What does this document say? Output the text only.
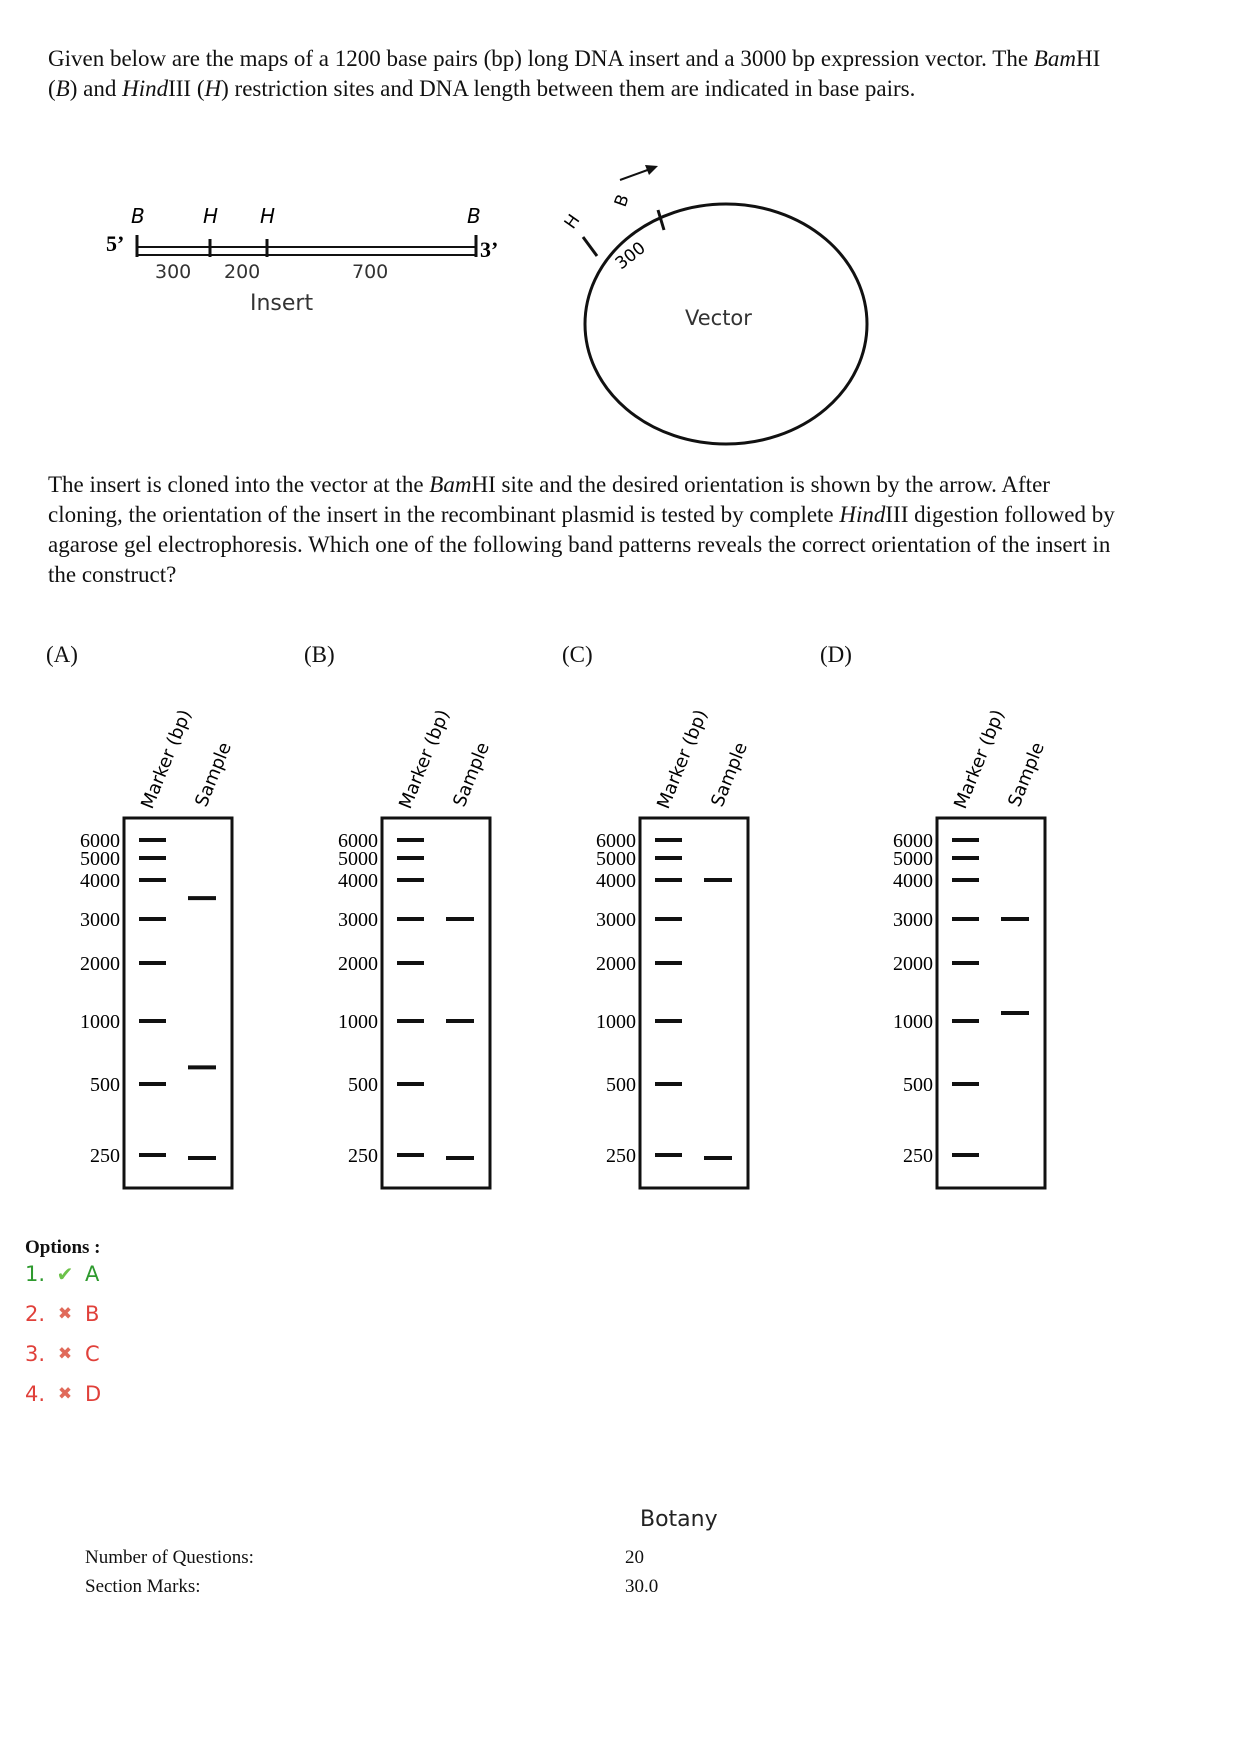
Given below are the maps of a 1200 base pairs (bp) long DNA insert and a 3000 bp expression vector. The BamHI (B) and HindIII (H) restriction sites and DNA length between them are indicated in base pairs.

5’
B	H H	B
3’
300 200	700
Insert
H
B
300
Vector

The insert is cloned into the vector at the BamHI site and the desired orientation is shown by the arrow. After cloning, the orientation of the insert in the recombinant plasmid is tested by complete HindIII digestion followed by agarose gel electrophoresis. Which one of the following band patterns reveals the correct orientation of the insert in the construct?

(A)	(B)	(C)	(D)
Marker (bp)
Sample
6000
5000
4000
3000
2000
1000
500
250
Marker (bp)
Sample
6000
5000
4000
3000
2000
1000
500
250
Marker (bp)
Sample
6000
5000
4000
3000
2000
1000
500
250
Marker (bp)
Sample
6000
5000
4000
3000
2000
1000
500
250

Options :

1. ✔ A
2. ✖ B
3. ✖ C
4. ✖ D
Botany
Number of Questions:	20
Section Marks:	30.0
